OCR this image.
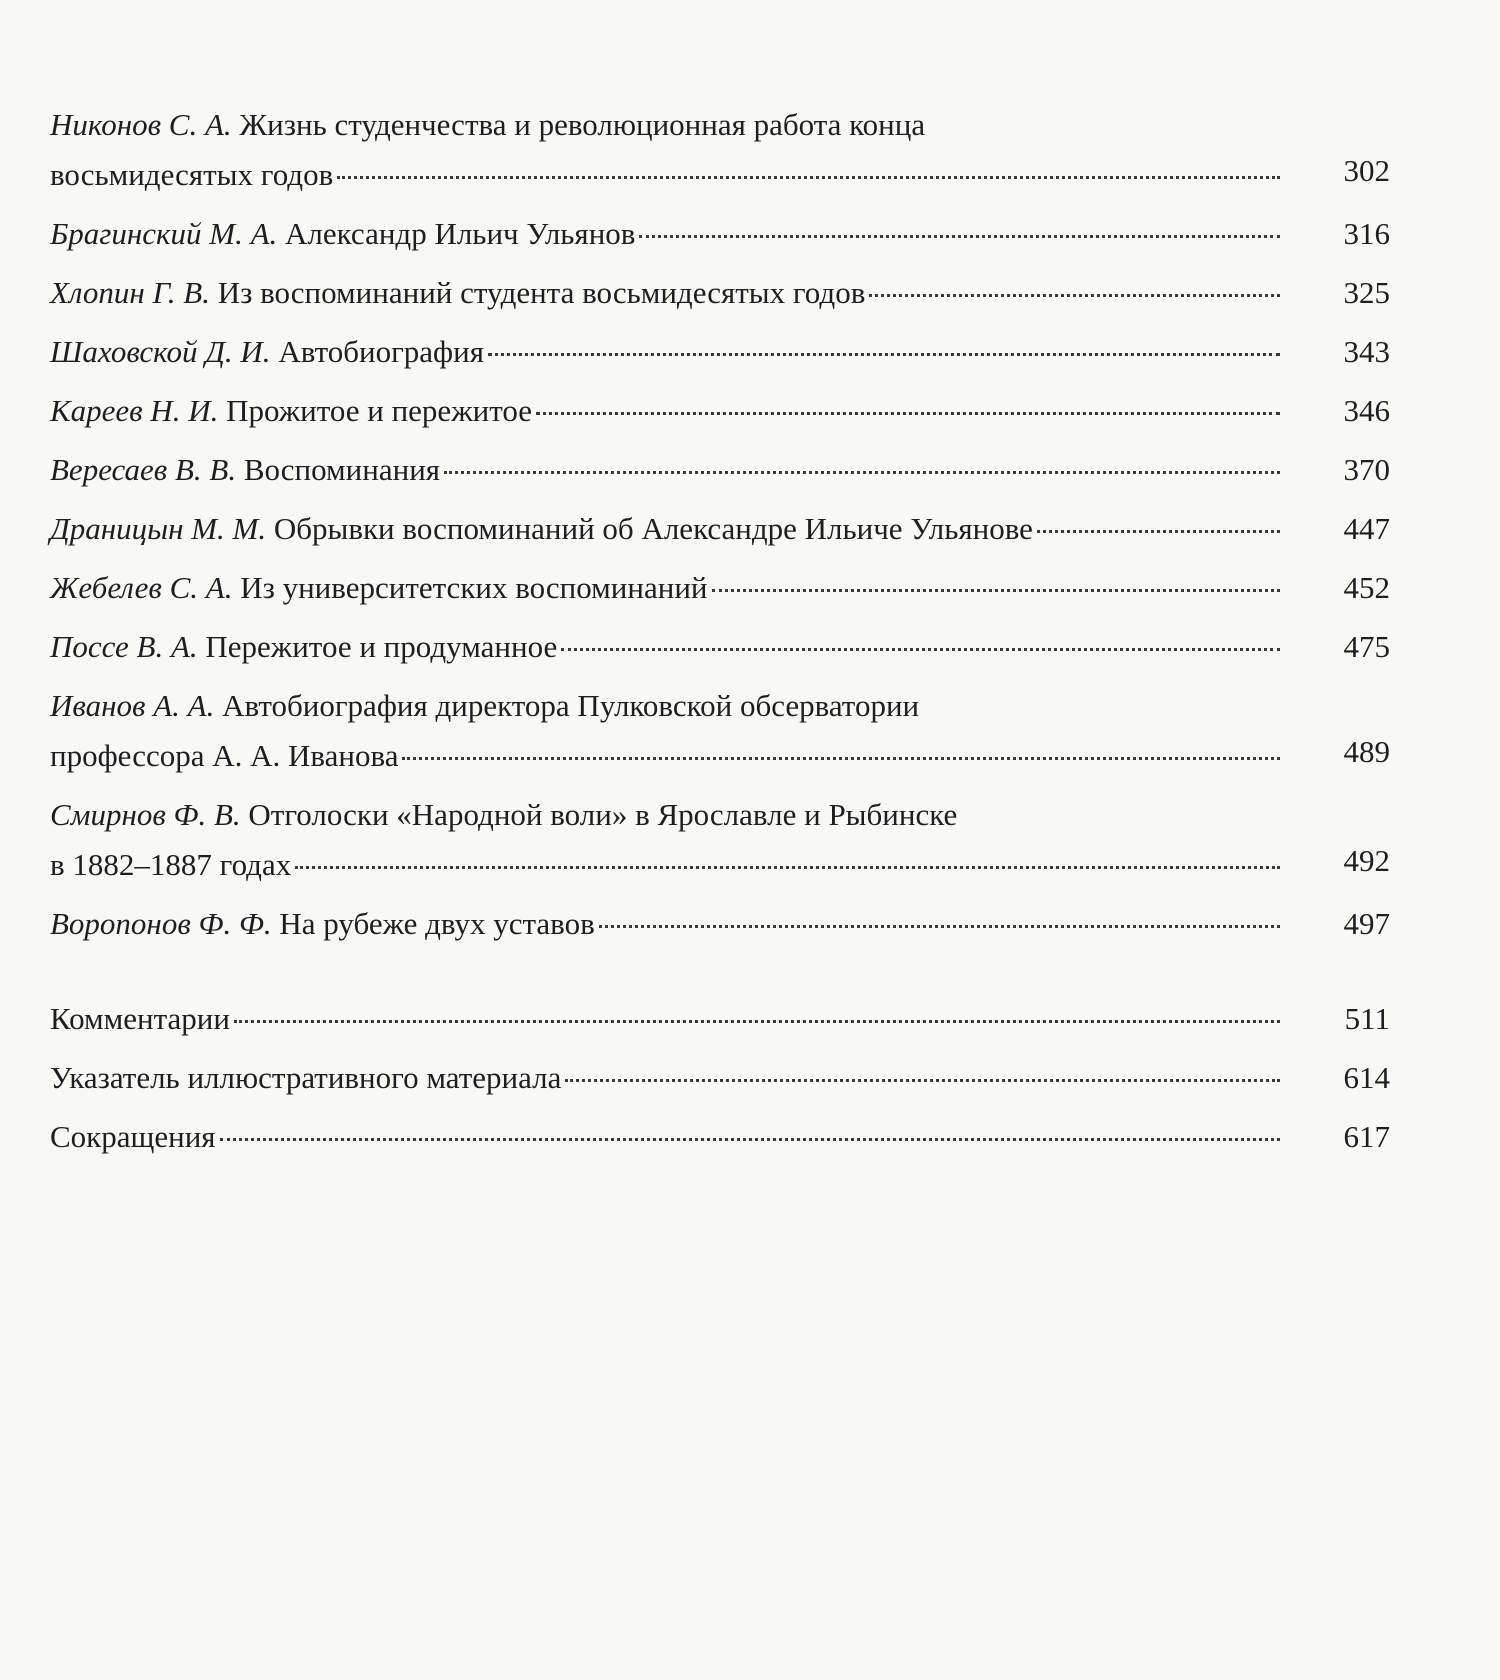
Никонов С. А. Жизнь студенчества и революционная работа конца
восьмидесятых годов	302
Брагинский М. А. Александр Ильич Ульянов	316
Хлопин Г. В. Из воспоминаний студента восьмидесятых годов	325
Шаховской Д. И. Автобиография	343
Кареев Н. И. Прожитое и пережитое	346
Вересаев В. В. Воспоминания	370
Драницын М. М. Обрывки воспоминаний об Александре Ильиче Ульянове	447
Жебелев С. А. Из университетских воспоминаний	452
Поссе В. А. Пережитое и продуманное	475
Иванов А. А. Автобиография директора Пулковской обсерватории
профессора А. А. Иванова	489
Смирнов Ф. В. Отголоски «Народной воли» в Ярославле и Рыбинске
в 1882–1887 годах	492
Воропонов Ф. Ф. На рубеже двух уставов	497
Комментарии	511
Указатель иллюстративного материала	614
Сокращения	617
